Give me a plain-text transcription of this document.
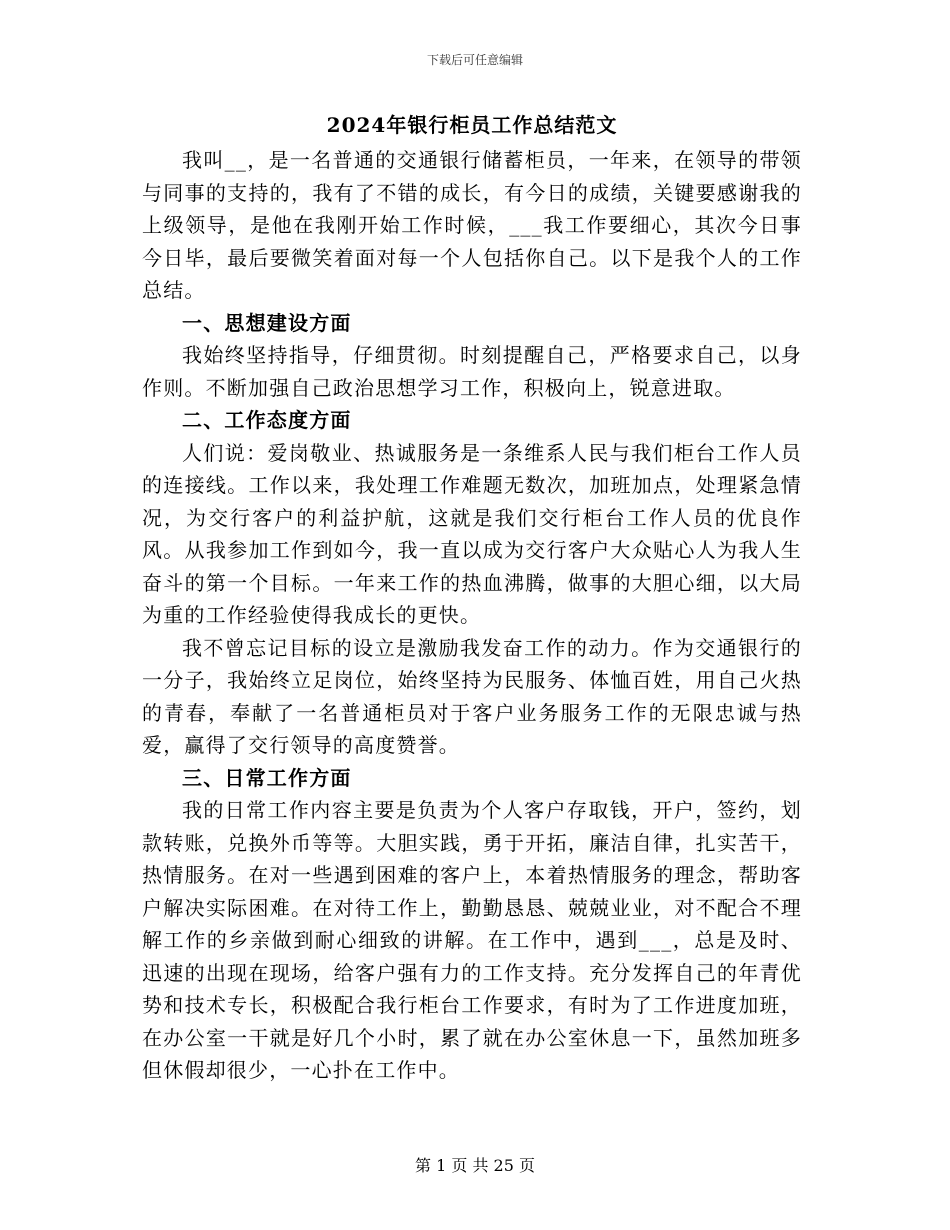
下载后可任意编辑
2024年银行柜员工作总结范文

我叫__，是一名普通的交通银行储蓄柜员，一年来，在领导的带领与同事的支持的，我有了不错的成长，有今日的成绩，关键要感谢我的上级领导，是他在我刚开始工作时候，___我工作要细心，其次今日事今日毕，最后要微笑着面对每一个人包括你自己。以下是我个人的工作总结。

一、思想建设方面

我始终坚持指导，仔细贯彻。时刻提醒自己，严格要求自己，以身作则。不断加强自己政治思想学习工作，积极向上，锐意进取。

二、工作态度方面

人们说：爱岗敬业、热诚服务是一条维系人民与我们柜台工作人员的连接线。工作以来，我处理工作难题无数次，加班加点，处理紧急情况，为交行客户的利益护航，这就是我们交行柜台工作人员的优良作风。从我参加工作到如今，我一直以成为交行客户大众贴心人为我人生奋斗的第一个目标。一年来工作的热血沸腾，做事的大胆心细，以大局为重的工作经验使得我成长的更快。

我不曾忘记目标的设立是激励我发奋工作的动力。作为交通银行的一分子，我始终立足岗位，始终坚持为民服务、体恤百姓，用自己火热的青春，奉献了一名普通柜员对于客户业务服务工作的无限忠诚与热爱，赢得了交行领导的高度赞誉。

三、日常工作方面

我的日常工作内容主要是负责为个人客户存取钱，开户，签约，划款转账，兑换外币等等。大胆实践，勇于开拓，廉洁自律，扎实苦干，热情服务。在对一些遇到困难的客户上，本着热情服务的理念，帮助客户解决实际困难。在对待工作上，勤勤恳恳、兢兢业业，对不配合不理解工作的乡亲做到耐心细致的讲解。在工作中，遇到___，总是及时、迅速的出现在现场，给客户强有力的工作支持。充分发挥自己的年青优势和技术专长，积极配合我行柜台工作要求，有时为了工作进度加班，在办公室一干就是好几个小时，累了就在办公室休息一下，虽然加班多但休假却很少，一心扑在工作中。

第 1 页 共 25 页
